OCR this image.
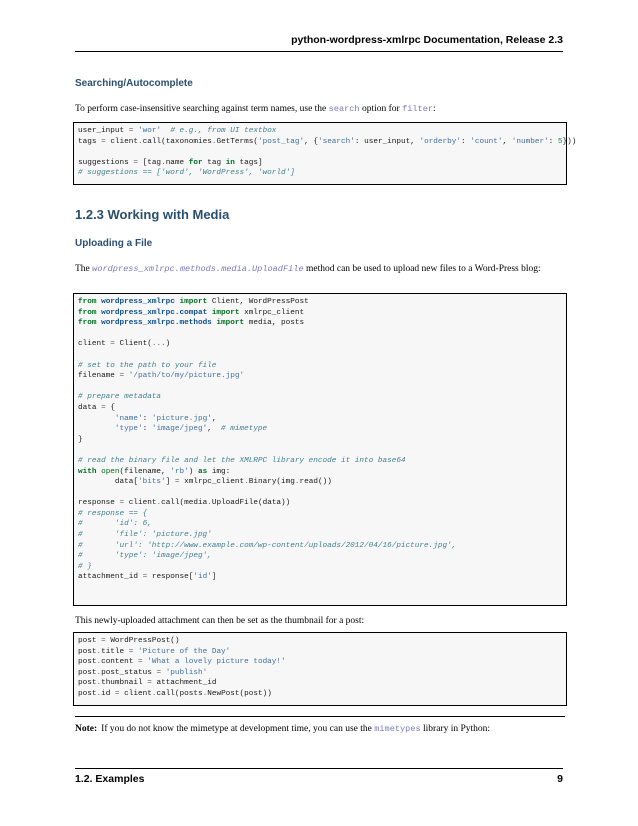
python-wordpress-xmlrpc Documentation, Release 2.3
Searching/Autocomplete
To perform case-insensitive searching against term names, use the search option for filter:
user_input = 'wor' # e.g., from UI textbox
tags = client.call(taxonomies.GetTerms('post_tag', {'search': user_input, 'orderby': 'count', 'number': 5}))

suggestions = [tag.name for tag in tags]
# suggestions == ['word', 'WordPress', 'world']
1.2.3 Working with Media
Uploading a File
The wordpress_xmlrpc.methods.media.UploadFile method can be used to upload new files to a Word-Press blog:
from wordpress_xmlrpc import Client, WordPressPost
from wordpress_xmlrpc.compat import xmlrpc_client
from wordpress_xmlrpc.methods import media, posts

client = Client(...)

# set to the path to your file
filename = '/path/to/my/picture.jpg'

# prepare metadata
data = {
'name': 'picture.jpg',
'type': 'image/jpeg',  # mimetype
}

# read the binary file and let the XMLRPC library encode it into base64
with open(filename, 'rb') as img:
data['bits'] = xmlrpc_client.Binary(img.read())

response = client.call(media.UploadFile(data))
# response == {
#       'id': 6,
#       'file': 'picture.jpg'
#       'url': 'http://www.example.com/wp-content/uploads/2012/04/16/picture.jpg',
#       'type': 'image/jpeg',
# }
attachment_id = response['id']
This newly-uploaded attachment can then be set as the thumbnail for a post:
post = WordPressPost()
post.title = 'Picture of the Day'
post.content = 'What a lovely picture today!'
post.post_status = 'publish'
post.thumbnail = attachment_id
post.id = client.call(posts.NewPost(post))
Note: If you do not know the mimetype at development time, you can use the mimetypes library in Python:
1.2. Examples	9
